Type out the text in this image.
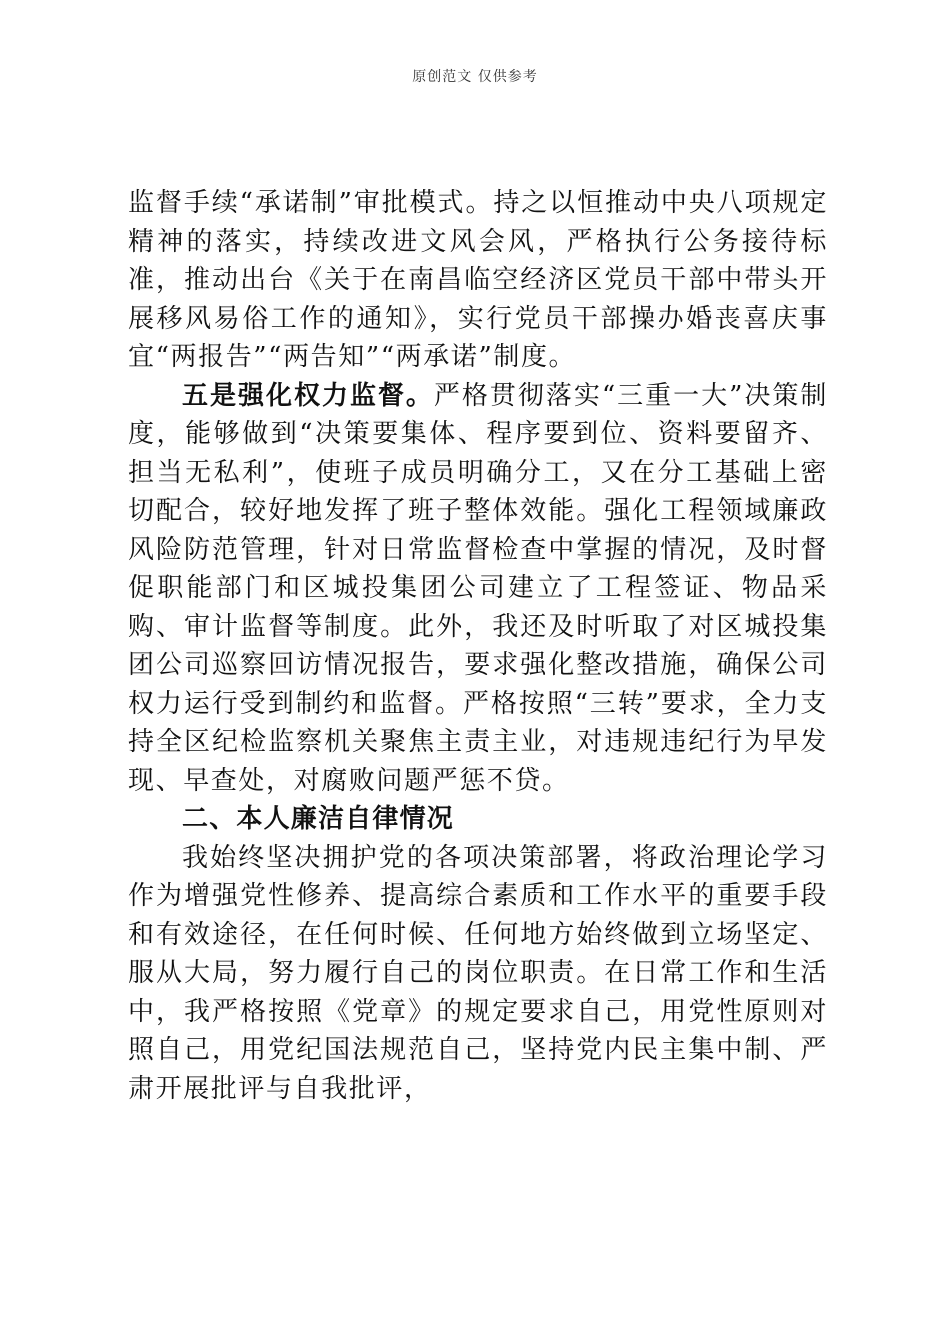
原创范文 仅供参考

监督手续“承诺制”审批模式。持之以恒推动中央八项规定精神的落实，持续改进文风会风，严格执行公务接待标准，推动出台《关于在南昌临空经济区党员干部中带头开展移风易俗工作的通知》，实行党员干部操办婚丧喜庆事宜“两报告”“两告知”“两承诺”制度。

五是强化权力监督。严格贯彻落实“三重一大”决策制度，能够做到“决策要集体、程序要到位、资料要留齐、担当无私利”，使班子成员明确分工，又在分工基础上密切配合，较好地发挥了班子整体效能。强化工程领域廉政风险防范管理，针对日常监督检查中掌握的情况，及时督促职能部门和区城投集团公司建立了工程签证、物品采购、审计监督等制度。此外，我还及时听取了对区城投集团公司巡察回访情况报告，要求强化整改措施，确保公司权力运行受到制约和监督。严格按照“三转”要求，全力支持全区纪检监察机关聚焦主责主业，对违规违纪行为早发现、早查处，对腐败问题严惩不贷。

二、本人廉洁自律情况

我始终坚决拥护党的各项决策部署，将政治理论学习作为增强党性修养、提高综合素质和工作水平的重要手段和有效途径，在任何时候、任何地方始终做到立场坚定、服从大局，努力履行自己的岗位职责。在日常工作和生活中，我严格按照《党章》的规定要求自己，用党性原则对照自己，用党纪国法规范自己，坚持党内民主集中制、严肃开展批评与自我批评，
